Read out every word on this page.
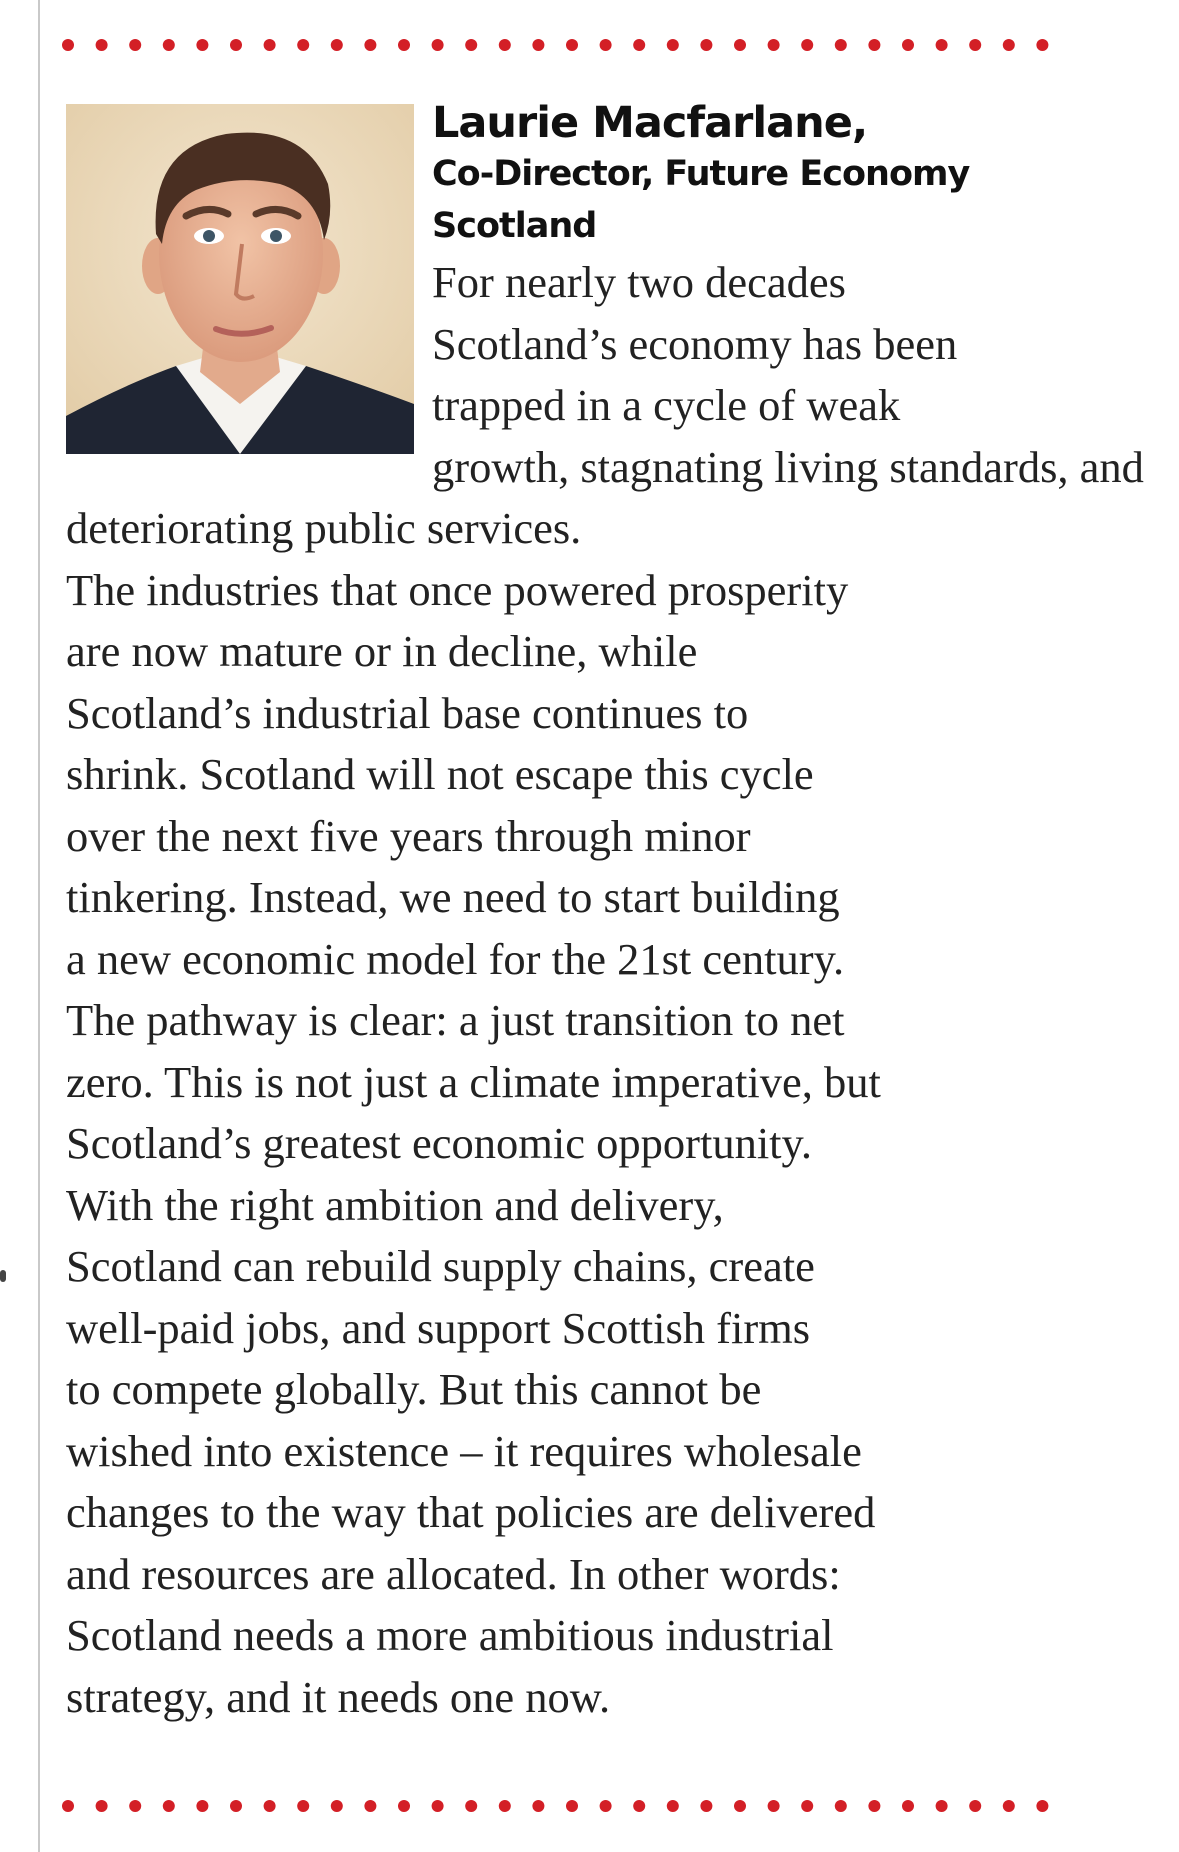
Laurie Macfarlane,

Co-Director, Future Economy Scotland

For nearly two decades
Scotland’s economy has been
trapped in a cycle of weak
growth, stagnating living standards, and
deteriorating public services.
The industries that once powered prosperity
are now mature or in decline, while
Scotland’s industrial base continues to
shrink. Scotland will not escape this cycle
over the next five years through minor
tinkering. Instead, we need to start building
a new economic model for the 21st century.
The pathway is clear: a just transition to net
zero. This is not just a climate imperative, but
Scotland’s greatest economic opportunity.
With the right ambition and delivery,
Scotland can rebuild supply chains, create
well-paid jobs, and support Scottish firms
to compete globally. But this cannot be
wished into existence – it requires wholesale
changes to the way that policies are delivered
and resources are allocated. In other words:
Scotland needs a more ambitious industrial
strategy, and it needs one now.
